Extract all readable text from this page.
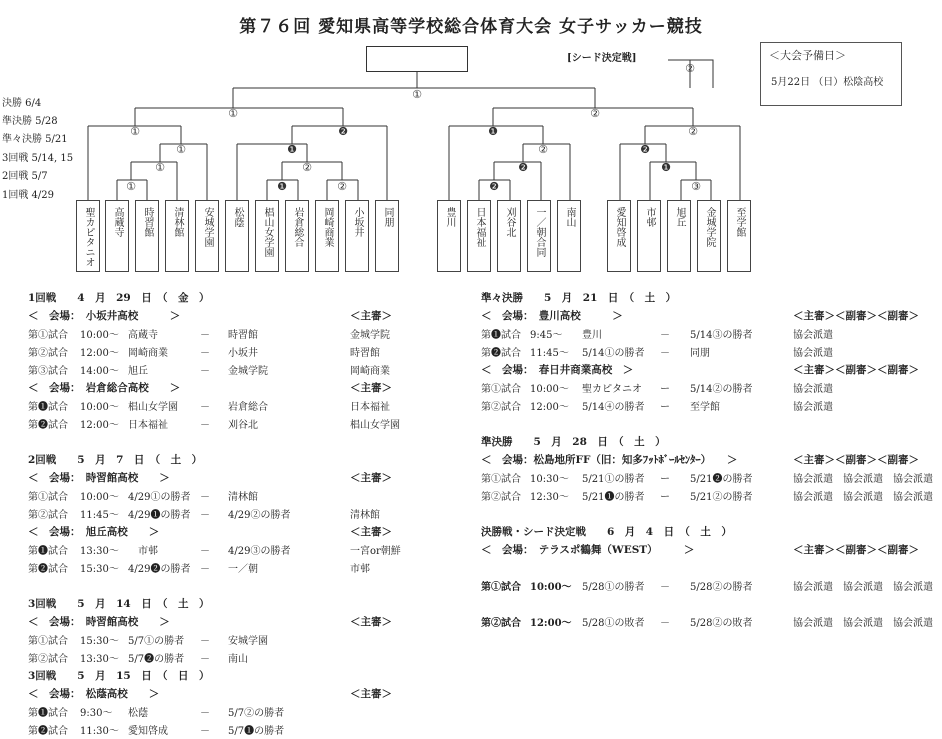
第７６回 愛知県高等学校総合体育大会 女子サッカー競技
[シード決定戦]	＜大会予備日＞
5月22日 （日）松陰高校
決勝 6/4
準決勝 5/28
準々決勝 5/21
3回戦 5/14, 15
2回戦 5/7
1回戦 4/29
①
②
①	②
①	❷	❶	②
①	❶	②	❷
①	②	❷	❶
①	❶	②	❷	③
聖カピタニオ	高蔵寺	時習館	清林館	安城学園	松蔭	椙山女学園	岩倉総合	岡崎商業	小坂井	同朋	豊川	日本福祉	刈谷北	一／朝合同	南山	愛知啓成	市邨	旭丘	金城学院	至学館
1回戦　　4　月　29　日　（　金　）
＜　会場：　小坂井高校　　　＞	＜主審＞
第①試合 10:00～ 高蔵寺	－ 時習館	金城学院
第②試合 12:00～ 岡崎商業	－ 小坂井	時習館
第③試合 14:00～ 旭丘	－ 金城学院	岡崎商業
＜　会場：　岩倉総合高校　　＞	＜主審＞
第❶試合 10:00～ 椙山女学園 － 岩倉総合	日本福祉
第❷試合 12:00～ 日本福祉	－ 刈谷北	椙山女学園
2回戦　　5　月　7　日　（　土　）
＜　会場：　時習館高校　　＞	＜主審＞
第①試合 10:00～ 4/29①の勝者 － 清林館
第②試合 11:45～ 4/29❶の勝者 － 4/29②の勝者	清林館
＜　会場：　旭丘高校　　＞	＜主審＞
第❶試合 13:30～ 　市邨	－ 4/29③の勝者	一宮or朝鮮
第❷試合 15:30～ 4/29❷の勝者 － 一／朝	市邨
3回戦　　5　月　14　日　（　土　）
＜　会場：　時習館高校　　＞	＜主審＞
第①試合 15:30～ 5/7①の勝者 － 安城学園
第②試合 13:30～ 5/7❷の勝者 － 南山
3回戦　　5　月　15　日　（　日　）
＜　会場：　松蔭高校　　＞	＜主審＞
第❶試合 9:30～ 松蔭	－ 5/7②の勝者
第❷試合 11:30～ 愛知啓成	－ 5/7❶の勝者
準々決勝　　5　月　21　日　（　土　）
＜　会場：　豊川高校　　　＞	＜主審＞＜副審＞＜副審＞
第❶試合 9:45～ 豊川	－ 5/14③の勝者	協会派遣
第❷試合 11:45～ 5/14①の勝者 － 同朋	協会派遣
＜　会場：　春日井商業高校　＞	＜主審＞＜副審＞＜副審＞
第①試合 10:00～ 聖カピタニオ ー 5/14②の勝者	協会派遣
第②試合 12:00～ 5/14④の勝者 ー 至学館	協会派遣
準決勝　　5　月　28　日　（　土　）
＜　会場：松島地所FF（旧：知多ﾌｯﾄﾎﾞｰﾙｾﾝﾀｰ）　　＞	＜主審＞＜副審＞＜副審＞
第①試合 10:30～ 5/21①の勝者 ー 5/21❷の勝者	協会派遣　協会派遣　協会派遣
第②試合 12:30～ 5/21❶の勝者 ー 5/21②の勝者	協会派遣　協会派遣　協会派遣
決勝戦・シード決定戦　　6　月　4　日　（　土　）
＜　会場：　テラスポ鶴舞（WEST）　　　＞	＜主審＞＜副審＞＜副審＞
第①試合 10:00～ 5/28①の勝者 － 5/28②の勝者	協会派遣　協会派遣　協会派遣
第②試合 12:00～ 5/28①の敗者 － 5/28②の敗者	協会派遣　協会派遣　協会派遣
